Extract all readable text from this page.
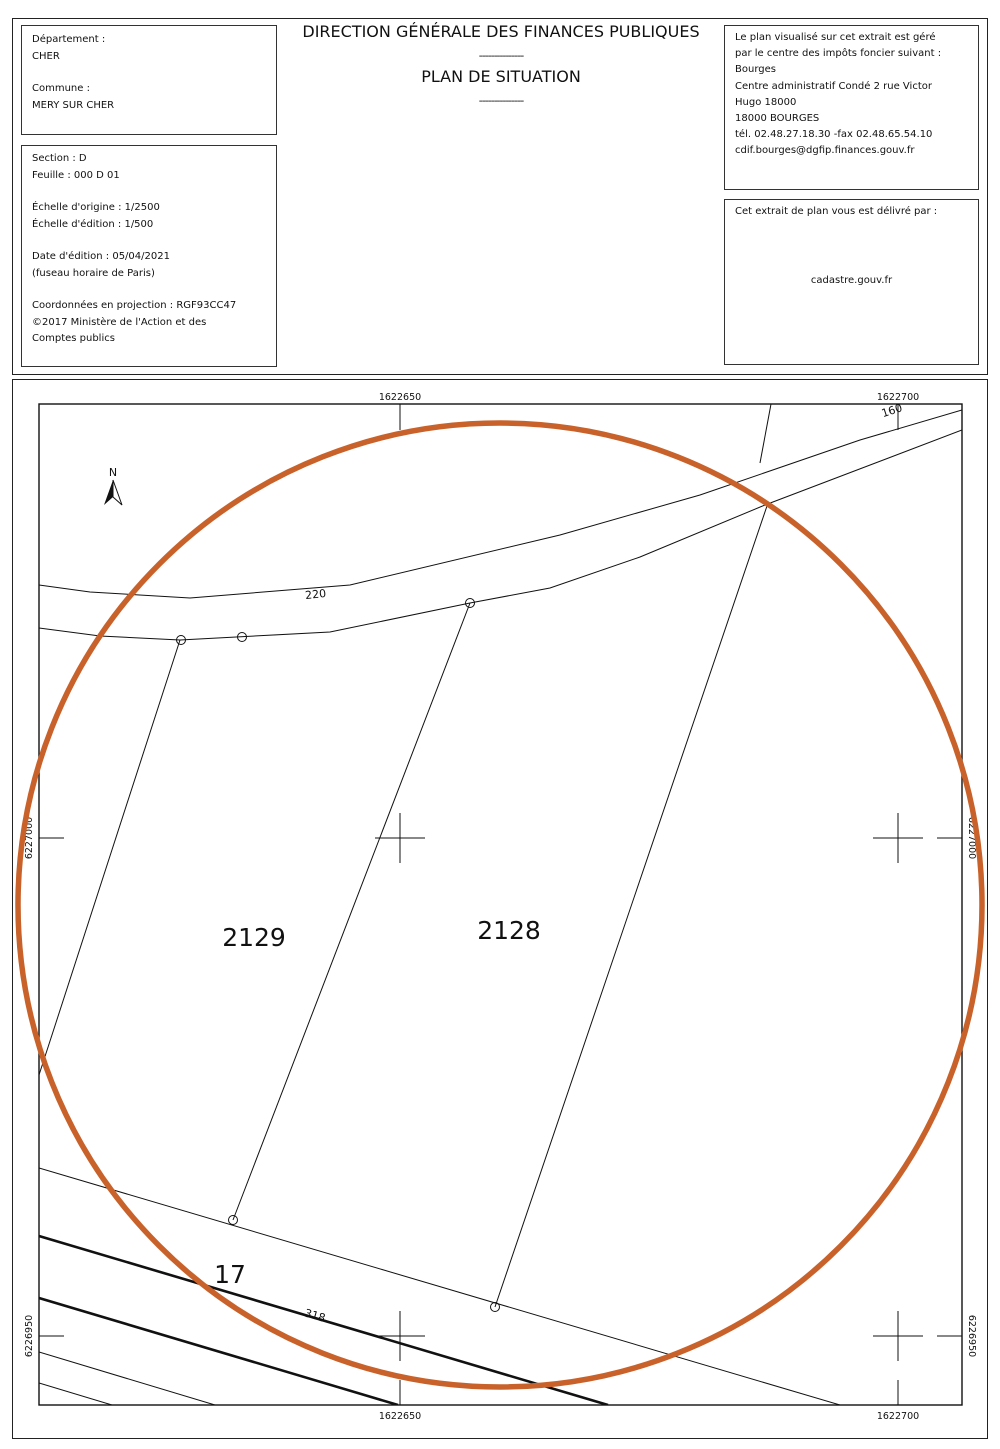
Département :
CHER
Commune :
MERY SUR CHER
Section : D
Feuille : 000 D 01
Échelle d'origine : 1/2500
Échelle d'édition : 1/500
Date d'édition : 05/04/2021
(fuseau horaire de Paris)
Coordonnées en projection : RGF93CC47
©2017 Ministère de l'Action et des
Comptes publics
DIRECTION GÉNÉRALE DES FINANCES PUBLIQUES
---------------
PLAN DE SITUATION
---------------
Le plan visualisé sur cet extrait est géré
par le centre des impôts foncier suivant :
Bourges
Centre administratif Condé 2 rue Victor
Hugo 18000
18000 BOURGES
tél. 02.48.27.18.30 -fax 02.48.65.54.10
cdif.bourges@dgfip.finances.gouv.fr
Cet extrait de plan vous est délivré par :
cadastre.gouv.fr
1622650	1622700
1622650	1622700
6227000
6226950
6227000
6226950
N
220
160
318
2129	2128
17
